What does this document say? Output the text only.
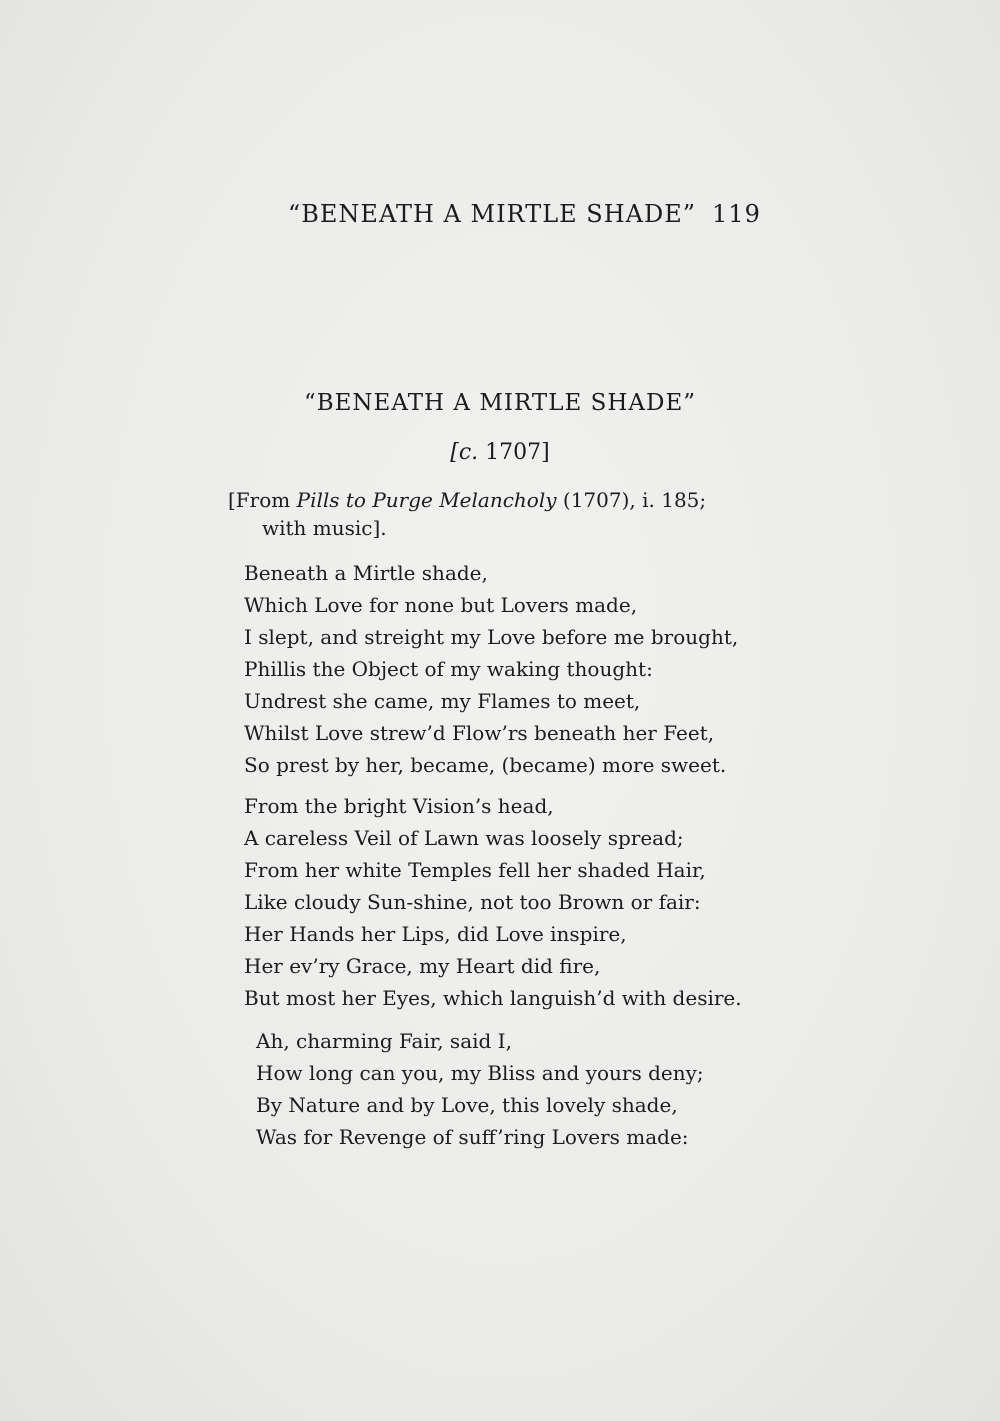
“BENEATH A MIRTLE SHADE” 119
“BENEATH A MIRTLE SHADE”
[c. 1707]
[From Pills to Purge Melancholy (1707), i. 185;
with music].
Beneath a Mirtle shade,
Which Love for none but Lovers made,
I slept, and streight my Love before me brought,
Phillis the Object of my waking thought:
Undrest she came, my Flames to meet,
Whilst Love strew’d Flow’rs beneath her Feet,
So prest by her, became, (became) more sweet.
From the bright Vision’s head,
A careless Veil of Lawn was loosely spread;
From her white Temples fell her shaded Hair,
Like cloudy Sun-shine, not too Brown or fair:
Her Hands her Lips, did Love inspire,
Her ev’ry Grace, my Heart did fire,
But most her Eyes, which languish’d with desire.
Ah, charming Fair, said I,
How long can you, my Bliss and yours deny;
By Nature and by Love, this lovely shade,
Was for Revenge of suff’ring Lovers made:
